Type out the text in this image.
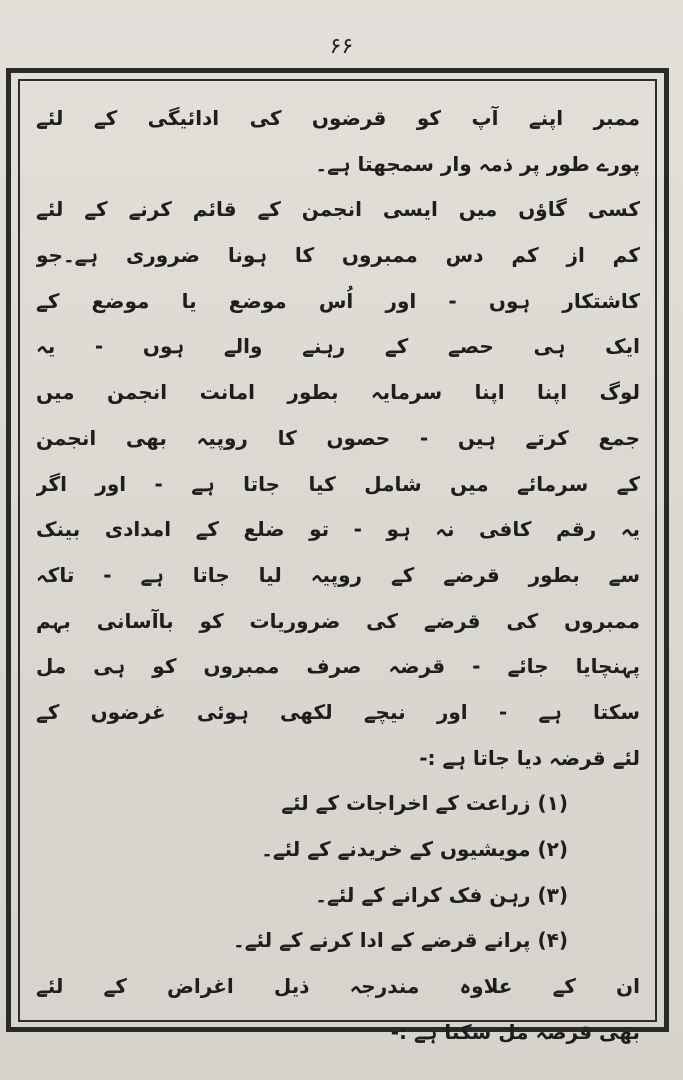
۶۶
ممبر اپنے آپ کو قرضوں کی ادائیگی کے لئے
پورے طور پر ذمہ وار سمجھتا ہے۔
کسی گاؤں میں ایسی انجمن کے قائم کرنے کے لئے
کم از کم دس ممبروں کا ہونا ضروری ہے۔جو
کاشتکار ہوں - اور اُس موضع یا موضع کے
ایک ہی حصے کے رہنے والے ہوں - یہ
لوگ اپنا اپنا سرمایہ بطور امانت انجمن میں
جمع کرتے ہیں - حصوں کا روپیہ بھی انجمن
کے سرمائے میں شامل کیا جاتا ہے - اور اگر
یہ رقم کافی نہ ہو - تو ضلع کے امدادی بینک
سے بطور قرضے کے روپیہ لیا جاتا ہے - تاکہ
ممبروں کی قرضے کی ضروریات کو باآسانی بہم
پہنچایا جائے - قرضہ صرف ممبروں کو ہی مل
سکتا ہے - اور نیچے لکھی ہوئی غرضوں کے
لئے قرضہ دیا جاتا ہے :-
(۱) زراعت کے اخراجات کے لئے
(۲) مویشیوں کے خریدنے کے لئے۔
(۳) رہن فک کرانے کے لئے۔
(۴) پرانے قرضے کے ادا کرنے کے لئے۔
ان کے علاوہ مندرجہ ذیل اغراض کے لئے
بھی قرضہ مل سکتا ہے :-
